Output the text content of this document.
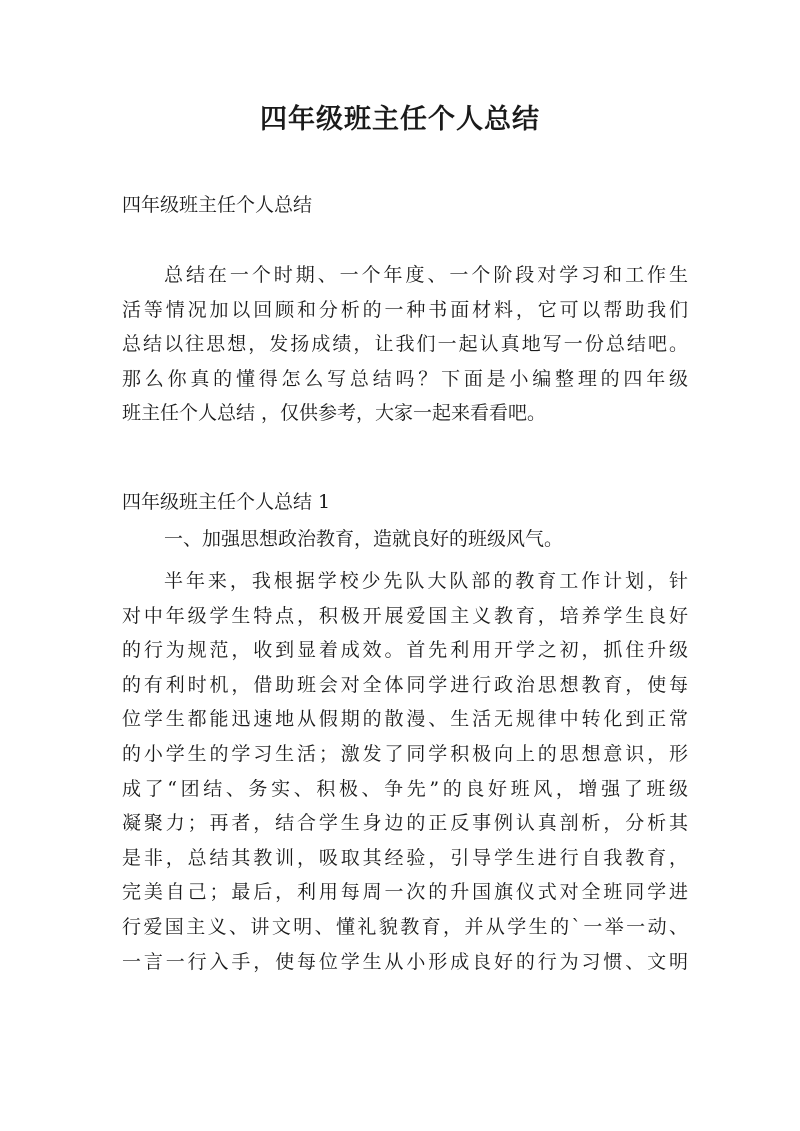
四年级班主任个人总结

四年级班主任个人总结

总结在一个时期、一个年度、一个阶段对学习和工作生
活等情况加以回顾和分析的一种书面材料，它可以帮助我们
总结以往思想，发扬成绩，让我们一起认真地写一份总结吧。
那么你真的懂得怎么写总结吗？下面是小编整理的四年级
班主任个人总结 ，仅供参考，大家一起来看看吧。

四年级班主任个人总结 1

一、加强思想政治教育，造就良好的班级风气。

半年来，我根据学校少先队大队部的教育工作计划，针
对中年级学生特点，积极开展爱国主义教育，培养学生良好
的行为规范，收到显着成效。首先利用开学之初，抓住升级
的有利时机，借助班会对全体同学进行政治思想教育，使每
位学生都能迅速地从假期的散漫、生活无规律中转化到正常
的小学生的学习生活；激发了同学积极向上的思想意识，形
成了“团结、务实、积极、争先”的良好班风，增强了班级
凝聚力；再者，结合学生身边的正反事例认真剖析，分析其
是非，总结其教训，吸取其经验，引导学生进行自我教育，
完美自己；最后，利用每周一次的升国旗仪式对全班同学进
行爱国主义、讲文明、懂礼貌教育，并从学生的`一举一动、
一言一行入手，使每位学生从小形成良好的行为习惯、文明
